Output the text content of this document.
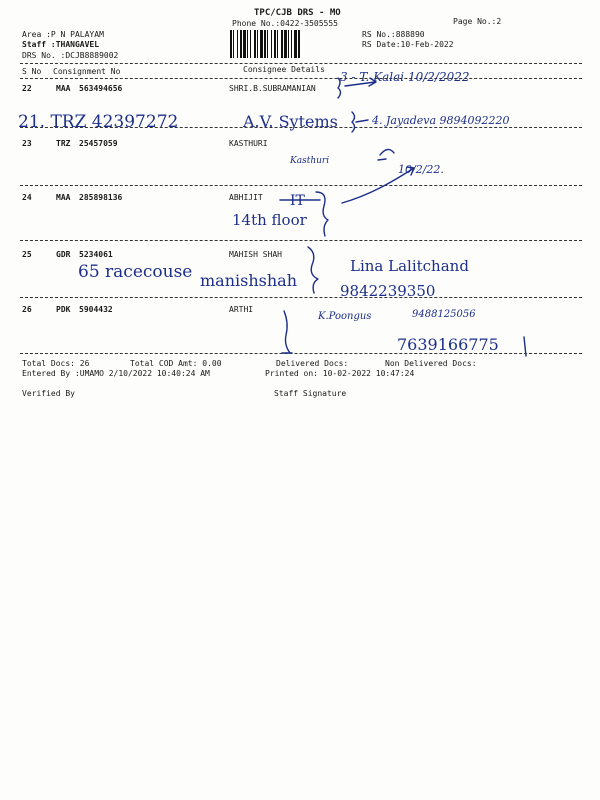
TPC/CJB DRS - MO
Phone No.:0422-3505555	Page No.:2
Area :P N PALAYAM
Staff :THANGAVEL
DRS No. :DCJB8889002
RS No.:888890
RS Date:10-Feb-2022
S No Consignment No	Consignee Details
22	MAA 563494656	SHRI.B.SUBRAMANIAN
23	TRZ 25457059	KASTHURI
24	MAA 285898136	ABHIJIT
25	GDR 5234061	MAHISH SHAH
26	PDK 5904432	ARTHI
Total Docs: 26	Total COD Amt: 0.00	Delivered Docs:	Non Delivered Docs:
Entered By :UMAMO 2/10/2022 10:40:24 AM	Printed on: 10-02-2022 10:47:24
Verified By	Staff Signature
3 - T. Kalai 10/2/2022
21. TRZ 42397272	A.V. Sytems	4. Jayadeva 9894092220
Kasthuri
10/2/22.
IT
14th floor
65 racecouse manishshah
Lina Lalitchand
9842239350
K.Poongus	9488125056
7639166775
